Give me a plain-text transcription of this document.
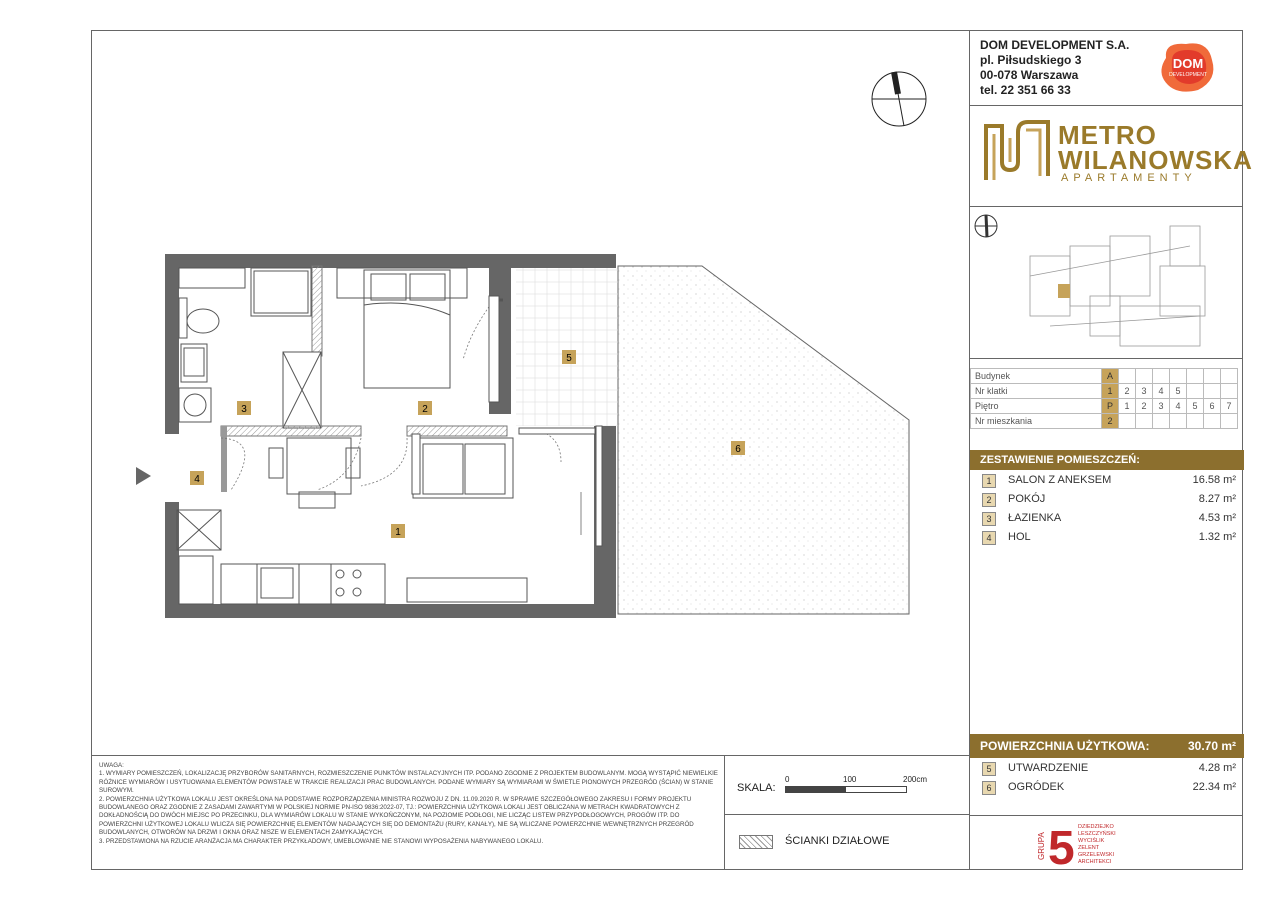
1
2
3
4
5
6
DOM DEVELOPMENT S.A.
pl. Piłsudskiego 3
00-078 Warszawa
tel. 22 351 66 33
DOM
DEVELOPMENT
METRO
WILANOWSKA
APARTAMENTY
Budynek	A							
Nr klatki	1	2	3	4	5			
Piętro	P	1	2	3	4	5	6	7
Nr mieszkania	2							
ZESTAWIENIE POMIESZCZEŃ:
1	SALON Z ANEKSEM	16.58 m²
2	POKÓJ	8.27 m²
3	ŁAZIENKA	4.53 m²
4	HOL	1.32 m²
POWIERZCHNIA UŻYTKOWA:	30.70 m²
5	UTWARDZENIE	4.28 m²
6	OGRÓDEK	22.34 m²
GRUPA 5 DZIEDZIEJKO
LESZCZYŃSKI
WYCIŚLIK
ZELENT
GRZELEWSKI
ARCHITEKCI

UWAGA:

1. WYMIARY POMIESZCZEŃ, LOKALIZACJĘ PRZYBORÓW SANITARNYCH, ROZMIESZCZENIE PUNKTÓW INSTALACYJNYCH ITP. PODANO ZGODNIE Z PROJEKTEM BUDOWLANYM. MOGĄ WYSTĄPIĆ NIEWIELKIE RÓŻNICE WYMIARÓW I USYTUOWANIA ELEMENTÓW POWSTAŁE W TRAKCIE REALIZACJI PRAC BUDOWLANYCH. PODANE WYMIARY SĄ WYMIARAMI W ŚWIETLE PIONOWYCH PRZEGRÓD (ŚCIAN) W STANIE SUROWYM.

2. POWIERZCHNIA UŻYTKOWA LOKALU JEST OKREŚLONA NA PODSTAWIE ROZPORZĄDZENIA MINISTRA ROZWOJU Z DN. 11.09.2020 R. W SPRAWIE SZCZEGÓŁOWEGO ZAKRESU I FORMY PROJEKTU BUDOWLANEGO ORAZ ZGODNIE Z ZASADAMI ZAWARTYMI W POLSKIEJ NORMIE PN-ISO 9836:2022-07, TJ.: POWIERZCHNIA UŻYTKOWA LOKALI JEST OBLICZANA W METRACH KWADRATOWYCH Z DOKŁADNOŚCIĄ DO DWÓCH MIEJSC PO PRZECINKU, DLA WYMIARÓW LOKALU W STANIE WYKOŃCZONYM, NA POZIOMIE PODŁOGI, NIE LICZĄC LISTEW PRZYPODŁOGOWYCH, PROGÓW ITP. DO POWIERZCHNI UŻYTKOWEJ LOKALU WLICZA SIĘ POWIERZCHNIĘ ELEMENTÓW NADAJĄCYCH SIĘ DO DEMONTAŻU (RURY, KANAŁY), NIE SĄ WLICZANE POWIERZCHNIE WEWNĘTRZNYCH PRZEGRÓD BUDOWLANYCH, OTWORÓW NA DRZWI I OKNA ORAZ NISZE W ELEMENTACH ZAMYKAJĄCYCH.

3. PRZEDSTAWIONA NA RZUCIE ARANŻACJA MA CHARAKTER PRZYKŁADOWY, UMEBLOWANIE NIE STANOWI WYPOSAŻENIA NABYWANEGO LOKALU.

SKALA:
0	100	200cm
ŚCIANKI DZIAŁOWE
